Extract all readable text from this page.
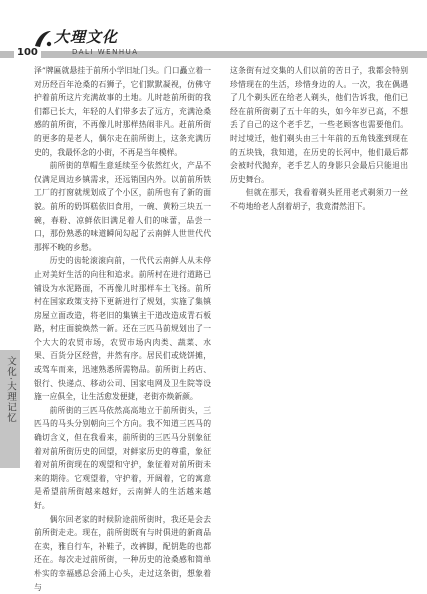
100
大理文化
DALI WENHUA
文化·大理记忆

泽”牌匾就悬挂于前所小学旧址门头。门口矗立着一对历经百年沧桑的石狮子，它们默默凝视，仿佛守护着前所这片充满故事的土地。儿时趁前所街的我们都已长大，年轻的人们带多去了远方，充满沧桑感的前所街，不再像儿时那样热闹非凡。赶前所街的更多的是老人，偶尔走在前所街上，这条充满历史的，我最怀念的小街，不再是当年模样。

前所街的草帽生意延续至今依然红火，产品不仅满足周边乡镇需求，还远销国内外。以前前所铁工厂的打窗就规划成了个小区，前所也有了新的面貌。前所的奶饵糕依旧食用，一碗、黄粉三块五一碗，春粉、凉鲜依旧满足着人们的味蕾，品尝一口，那份熟悉的味道瞬间勾起了云南鲜人世世代代那挥不晚的乡愁。

历史的齿轮滚滚向前，一代代云南鲜人从未停止对美好生活的向往和追求。前所村在进行道路已铺设为水泥路面，不再像儿时那样车土飞扬。前所村在国家政策支持下更新进行了规划，实施了集镇房屋立面改造，将老旧的集镇主干道改造成青石板路，村庄面貌焕然一新。还在三匹马前规划出了一个大大的农贸市场，农贸市场内肉类、蔬菜、水果、百货分区经营，井然有序。居民们或烧饼摊，或驾车而来，迅速熟悉所需物品。前所街上药店、银行、快递点、移动公司、国家电网及卫生院等设施一应俱全，让生活愈发便捷，老街亦焕新颜。

前所街的三匹马依然高高地立于前所街头，三匹马的马头分别朝向三个方向。我不知道三匹马的确切含义，但在我看来，前所街的三匹马分别象征着对前所街历史的回望，对鲜家历史的尊重，象征着对前所街现在的观望和守护，象征着对前所街未来的期待。它观望着，守护着，开阔着，它的寓意是希望前所街越来越好，云南鲜人的生活越来越好。

偶尔回老家的时候阶途前所街时，我还是会去前所街走走。现在，前所街既有与时俱进的新商品在卖，雅自行车，补鞋子，改裤脚，配钥匙的也都还在。每次走过前所街，一种历史的沧桑感和简单朴实的幸福感总会涌上心头，走过这条街，想象着与

这条街有过交集的人们以前的苦日子，我都会特别珍惜现在的生活，珍惜身边的人。一次，我在偶遇了几个剃头匠在给老人剃头，他们告诉我，他们已经在前所街剃了五十年的头，如今年岁已高，不想丢了自己的这个老手艺，一些老顾客也需要他们。时过境迁，他们剃头由三十年前的五角钱涨到现在的五块钱，我知道，在历史的长河中，他们最后都会被时代抛弃，老手艺人的身影只会最后只能退出历史舞台。

但就在那天，我看着剃头匠用老式剃须刀一丝不苟地给老人刮着胡子，我竟潸然泪下。
